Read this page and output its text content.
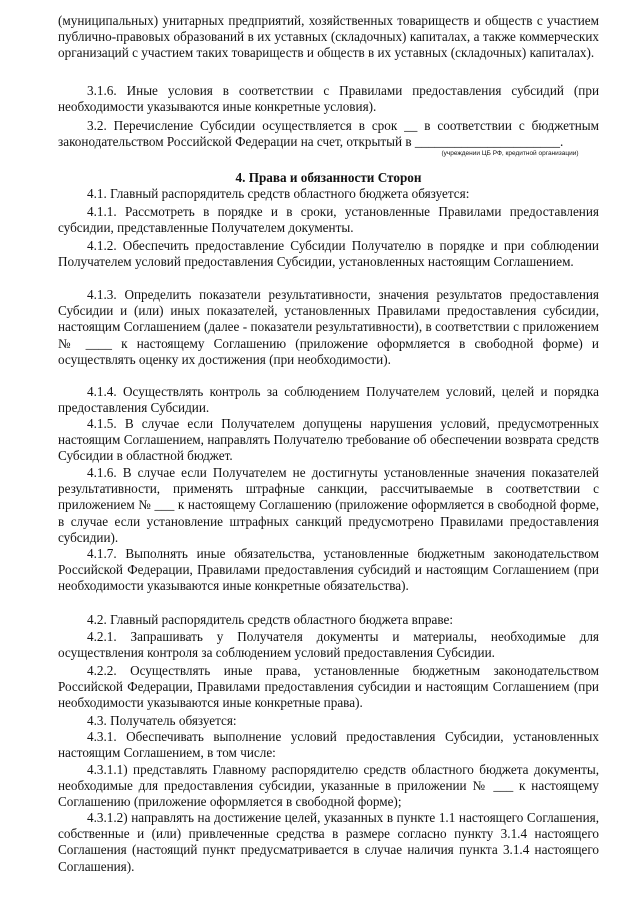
(муниципальных) унитарных предприятий, хозяйственных товариществ и обществ с участием публично-правовых образований в их уставных (складочных) капиталах, а также коммерческих организаций с участием таких товариществ и обществ в их уставных (складочных) капиталах).

3.1.6. Иные условия в соответствии с Правилами предоставления субсидий (при необходимости указываются иные конкретные условия).

3.2. Перечисление Субсидии осуществляется в срок __ в соответствии с бюджетным законодательством Российской Федерации на счет, открытый в ______________________.

(учреждении ЦБ РФ, кредитной организации)

4. Права и обязанности Сторон

4.1. Главный распорядитель средств областного бюджета обязуется:

4.1.1. Рассмотреть в порядке и в сроки, установленные Правилами предоставления субсидии, представленные Получателем документы.

4.1.2. Обеспечить предоставление Субсидии Получателю в порядке и при соблюдении Получателем условий предоставления Субсидии, установленных настоящим Соглашением.

4.1.3. Определить показатели результативности, значения результатов предоставления Субсидии и (или) иных показателей, установленных Правилами предоставления субсидии, настоящим Соглашением (далее - показатели результативности), в соответствии с приложением № ____ к настоящему Соглашению (приложение оформляется в свободной форме) и осуществлять оценку их достижения (при необходимости).

4.1.4. Осуществлять контроль за соблюдением Получателем условий, целей и порядка предоставления Субсидии.

4.1.5. В случае если Получателем допущены нарушения условий, предусмотренных настоящим Соглашением, направлять Получателю требование об обеспечении возврата средств Субсидии в областной бюджет.

4.1.6. В случае если Получателем не достигнуты установленные значения показателей результативности, применять штрафные санкции, рассчитываемые в соответствии с приложением № ___ к настоящему Соглашению (приложение оформляется в свободной форме, в случае если установление штрафных санкций предусмотрено Правилами предоставления субсидии).

4.1.7. Выполнять иные обязательства, установленные бюджетным законодательством Российской Федерации, Правилами предоставления субсидий и настоящим Соглашением (при необходимости указываются иные конкретные обязательства).

4.2. Главный распорядитель средств областного бюджета вправе:

4.2.1. Запрашивать у Получателя документы и материалы, необходимые для осуществления контроля за соблюдением условий предоставления Субсидии.

4.2.2. Осуществлять иные права, установленные бюджетным законодательством Российской Федерации, Правилами предоставления субсидии и настоящим Соглашением (при необходимости указываются иные конкретные права).

4.3. Получатель обязуется:

4.3.1. Обеспечивать выполнение условий предоставления Субсидии, установленных настоящим Соглашением, в том числе:

4.3.1.1) представлять Главному распорядителю средств областного бюджета документы, необходимые для предоставления субсидии, указанные в приложении № ___ к настоящему Соглашению (приложение оформляется в свободной форме);

4.3.1.2) направлять на достижение целей, указанных в пункте 1.1 настоящего Соглашения, собственные и (или) привлеченные средства в размере согласно пункту 3.1.4 настоящего Соглашения (настоящий пункт предусматривается в случае наличия пункта 3.1.4 настоящего Соглашения).
